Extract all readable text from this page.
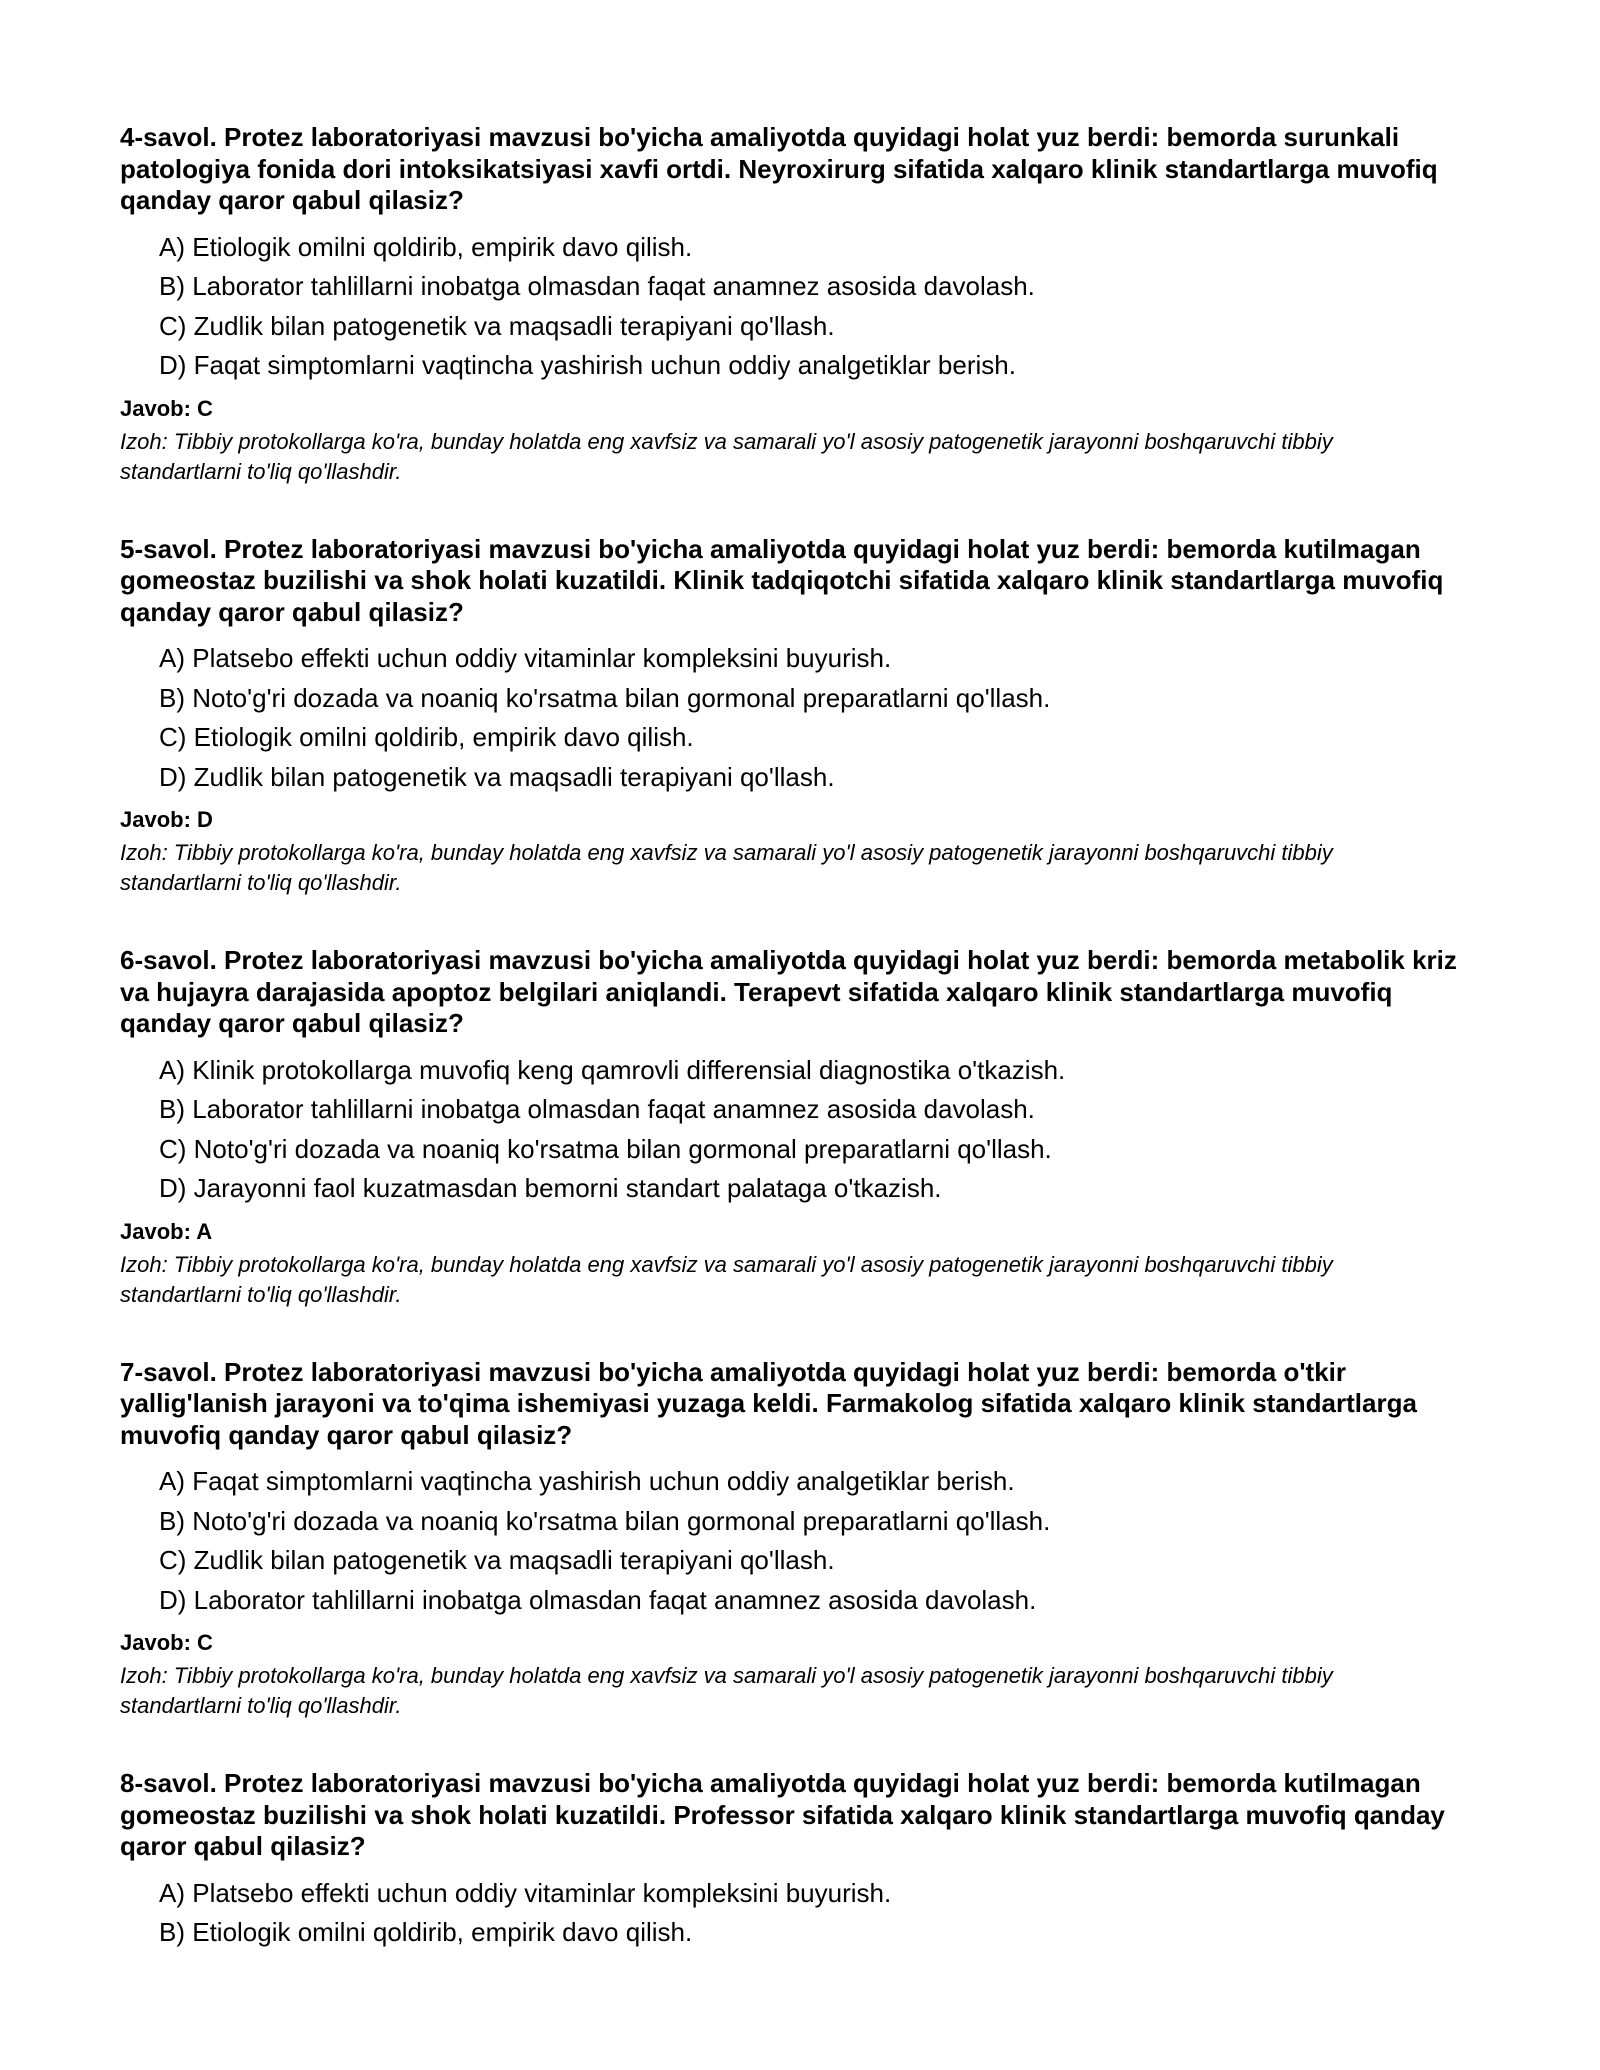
4-savol. Protez laboratoriyasi mavzusi bo'yicha amaliyotda quyidagi holat yuz berdi: bemorda surunkali patologiya fonida dori intoksikatsiyasi xavfi ortdi. Neyroxirurg sifatida xalqaro klinik standartlarga muvofiq qanday qaror qabul qilasiz?

A) Etiologik omilni qoldirib, empirik davo qilish.
B) Laborator tahlillarni inobatga olmasdan faqat anamnez asosida davolash.
C) Zudlik bilan patogenetik va maqsadli terapiyani qo'llash.
D) Faqat simptomlarni vaqtincha yashirish uchun oddiy analgetiklar berish.

Javob: C

Izoh: Tibbiy protokollarga ko'ra, bunday holatda eng xavfsiz va samarali yo'l asosiy patogenetik jarayonni boshqaruvchi tibbiy standartlarni to'liq qo'llashdir.

5-savol. Protez laboratoriyasi mavzusi bo'yicha amaliyotda quyidagi holat yuz berdi: bemorda kutilmagan gomeostaz buzilishi va shok holati kuzatildi. Klinik tadqiqotchi sifatida xalqaro klinik standartlarga muvofiq qanday qaror qabul qilasiz?

A) Platsebo effekti uchun oddiy vitaminlar kompleksini buyurish.
B) Noto'g'ri dozada va noaniq ko'rsatma bilan gormonal preparatlarni qo'llash.
C) Etiologik omilni qoldirib, empirik davo qilish.
D) Zudlik bilan patogenetik va maqsadli terapiyani qo'llash.

Javob: D

Izoh: Tibbiy protokollarga ko'ra, bunday holatda eng xavfsiz va samarali yo'l asosiy patogenetik jarayonni boshqaruvchi tibbiy standartlarni to'liq qo'llashdir.

6-savol. Protez laboratoriyasi mavzusi bo'yicha amaliyotda quyidagi holat yuz berdi: bemorda metabolik kriz va hujayra darajasida apoptoz belgilari aniqlandi. Terapevt sifatida xalqaro klinik standartlarga muvofiq qanday qaror qabul qilasiz?

A) Klinik protokollarga muvofiq keng qamrovli differensial diagnostika o'tkazish.
B) Laborator tahlillarni inobatga olmasdan faqat anamnez asosida davolash.
C) Noto'g'ri dozada va noaniq ko'rsatma bilan gormonal preparatlarni qo'llash.
D) Jarayonni faol kuzatmasdan bemorni standart palataga o'tkazish.

Javob: A

Izoh: Tibbiy protokollarga ko'ra, bunday holatda eng xavfsiz va samarali yo'l asosiy patogenetik jarayonni boshqaruvchi tibbiy standartlarni to'liq qo'llashdir.

7-savol. Protez laboratoriyasi mavzusi bo'yicha amaliyotda quyidagi holat yuz berdi: bemorda o'tkir yallig'lanish jarayoni va to'qima ishemiyasi yuzaga keldi. Farmakolog sifatida xalqaro klinik standartlarga muvofiq qanday qaror qabul qilasiz?

A) Faqat simptomlarni vaqtincha yashirish uchun oddiy analgetiklar berish.
B) Noto'g'ri dozada va noaniq ko'rsatma bilan gormonal preparatlarni qo'llash.
C) Zudlik bilan patogenetik va maqsadli terapiyani qo'llash.
D) Laborator tahlillarni inobatga olmasdan faqat anamnez asosida davolash.

Javob: C

Izoh: Tibbiy protokollarga ko'ra, bunday holatda eng xavfsiz va samarali yo'l asosiy patogenetik jarayonni boshqaruvchi tibbiy standartlarni to'liq qo'llashdir.

8-savol. Protez laboratoriyasi mavzusi bo'yicha amaliyotda quyidagi holat yuz berdi: bemorda kutilmagan gomeostaz buzilishi va shok holati kuzatildi. Professor sifatida xalqaro klinik standartlarga muvofiq qanday qaror qabul qilasiz?

A) Platsebo effekti uchun oddiy vitaminlar kompleksini buyurish.
B) Etiologik omilni qoldirib, empirik davo qilish.
